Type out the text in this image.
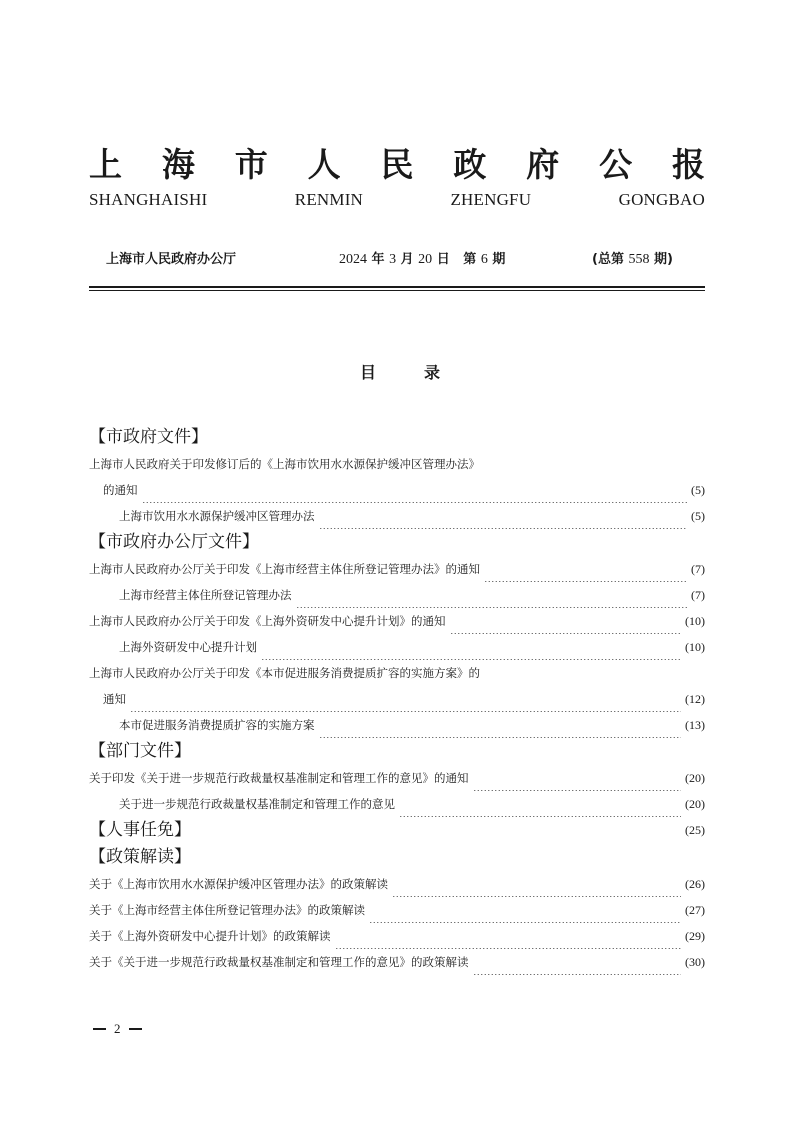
上 海 市 人 民 政 府 公 报
SHANGHAISHI	RENMIN	ZHENGFU	GONGBAO
上海市人民政府办公厅	2024 年 3 月 20 日 第 6 期	(总第 558 期)
目	录
【市政府文件】
上海市人民政府关于印发修订后的《上海市饮用水水源保护缓冲区管理办法》
的通知	(5)
上海市饮用水水源保护缓冲区管理办法	(5)
【市政府办公厅文件】
上海市人民政府办公厅关于印发《上海市经营主体住所登记管理办法》的通知	(7)
上海市经营主体住所登记管理办法	(7)
上海市人民政府办公厅关于印发《上海外资研发中心提升计划》的通知	(10)
上海外资研发中心提升计划	(10)
上海市人民政府办公厅关于印发《本市促进服务消费提质扩容的实施方案》的
通知	(12)
本市促进服务消费提质扩容的实施方案	(13)
【部门文件】
关于印发《关于进一步规范行政裁量权基准制定和管理工作的意见》的通知	(20)
关于进一步规范行政裁量权基准制定和管理工作的意见	(20)
【人事任免】	(25)
【政策解读】
关于《上海市饮用水水源保护缓冲区管理办法》的政策解读	(26)
关于《上海市经营主体住所登记管理办法》的政策解读	(27)
关于《上海外资研发中心提升计划》的政策解读	(29)
关于《关于进一步规范行政裁量权基准制定和管理工作的意见》的政策解读	(30)
2
